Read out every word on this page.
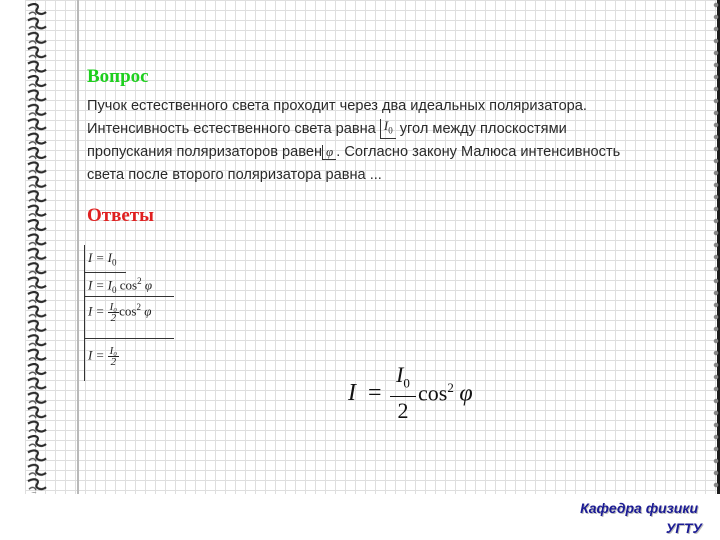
Вопрос

Пучок естественного света проходит через два идеальных поляризатора.

Интенсивность естественного света равна $I_0$ угол между плоскостями

пропускания поляризаторов равен φ . Согласно закону Малюса интенсивность

света после второго поляризатора равна ...

Ответы
$I = I_0$
$I = I_0$ $\cos^2 \varphi$
$I = \frac{\text{I₀}}{2} \cos^2 \varphi$
$I = \frac{\text{I₀}}{2}$
$I = \frac{I_0}{2} \cos^2 \varphi$
Кафедра физики
УГТУ
